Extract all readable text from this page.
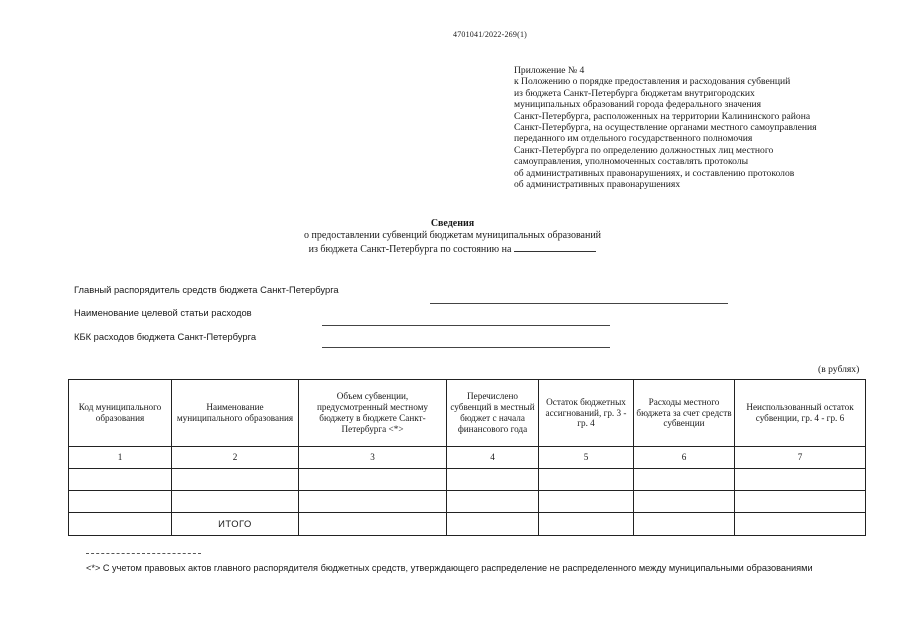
4701041/2022-269(1)
Приложение № 4
к Положению о порядке предоставления и расходования субвенций
из бюджета Санкт-Петербурга бюджетам внутригородских
муниципальных образований города федерального значения
Санкт-Петербурга, расположенных на территории Калининского района
Санкт-Петербурга, на осуществление органами местного самоуправления
переданного им отдельного государственного полномочия
Санкт-Петербурга по определению должностных лиц местного
самоуправления, уполномоченных составлять протоколы
об административных правонарушениях, и составлению протоколов
об административных правонарушениях
Сведения
о предоставлении субвенций бюджетам муниципальных образований
из бюджета Санкт-Петербурга по состоянию на
Главный распорядитель средств бюджета Санкт-Петербурга
Наименование целевой статьи расходов
КБК расходов бюджета Санкт-Петербурга
(в рублях)
Код муниципального образования	Наименование муниципального образования	Объем субвенции, предусмотренный местному бюджету в бюджете Санкт-Петербурга <*>	Перечислено субвенций в местный бюджет с начала финансового года	Остаток бюджетных ассигнований, гр. 3 - гр. 4	Расходы местного бюджета за счет средств субвенции	Неиспользованный остаток субвенции, гр. 4 - гр. 6
1	2	3	4	5	6	7

	ИТОГО					
<*> С учетом правовых актов главного распорядителя бюджетных средств, утверждающего распределение не распределенного между муниципальными образованиями
